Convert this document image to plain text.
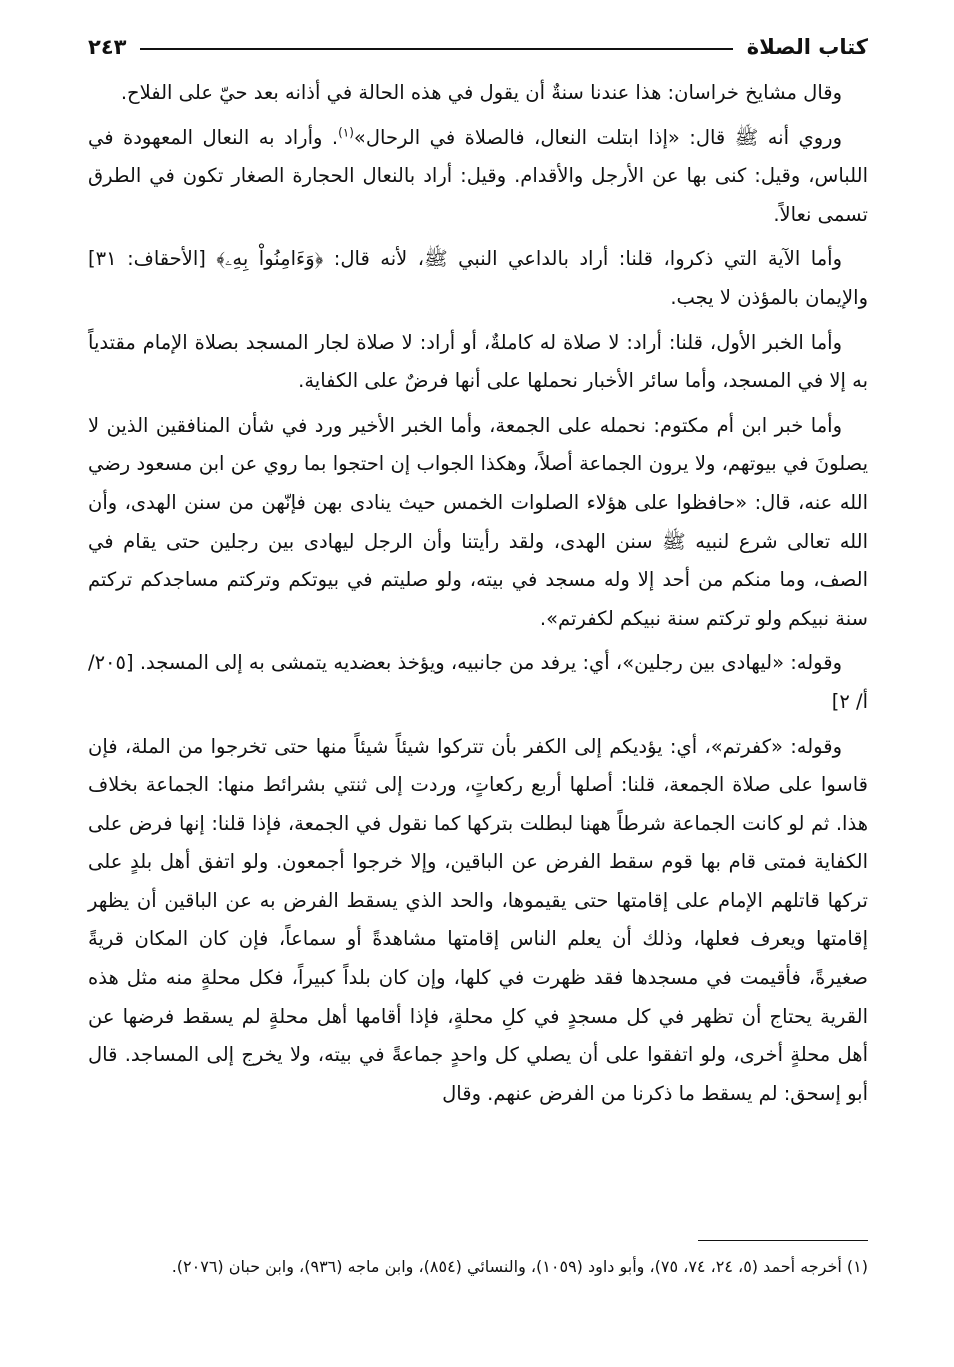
كتاب الصلاة
٢٤٣

وقال مشايخ خراسان: هذا عندنا سنةٌ أن يقول في هذه الحالة في أذانه بعد حيّ على الفلاح.

وروي أنه ﷺ قال: «إذا ابتلت النعال، فالصلاة في الرحال»$^{(١)}$. وأراد به النعال المعهودة في اللباس، وقيل: كنى بها عن الأرجل والأقدام. وقيل: أراد بالنعال الحجارة الصغار تكون في الطرق تسمى نعالاً.

وأما الآية التي ذكروا، قلنا: أراد بالداعي النبي ﷺ، لأنه قال: ﴿وَءَامِنُواْ بِهِۦ﴾ [الأحقاف: ٣١] والإيمان بالمؤذن لا يجب.

وأما الخبر الأول، قلنا: أراد: لا صلاة له كاملةٌ، أو أراد: لا صلاة لجار المسجد بصلاة الإمام مقتدياً به إلا في المسجد، وأما سائر الأخبار نحملها على أنها فرضٌ على الكفاية.

وأما خبر ابن أم مكتوم: نحمله على الجمعة، وأما الخبر الأخير ورد في شأن المنافقين الذين لا يصلونَ في بيوتهم، ولا يرون الجماعة أصلاً، وهكذا الجواب إن احتجوا بما روي عن ابن مسعود رضي الله عنه، قال: «حافظوا على هؤلاء الصلوات الخمس حيث ينادى بهن فإنّهن من سنن الهدى، وأن الله تعالى شرع لنبيه ﷺ سنن الهدى، ولقد رأيتنا وأن الرجل ليهادى بين رجلين حتى يقام في الصف، وما منكم من أحد إلا وله مسجد في بيته، ولو صليتم في بيوتكم وتركتم مساجدكم تركتم سنة نبيكم ولو تركتم سنة نبيكم لكفرتم».

وقوله: «ليهادى بين رجلين»، أي: يرفد من جانبيه، ويؤخذ بعضديه يتمشى به إلى المسجد. [٢٠٥/أ/ ٢]

وقوله: «كفرتم»، أي: يؤديكم إلى الكفر بأن تتركوا شيئاً شيئاً منها حتى تخرجوا من الملة، فإن قاسوا على صلاة الجمعة، قلنا: أصلها أربع ركعاتٍ، وردت إلى ثنتي بشرائط منها: الجماعة بخلاف هذا. ثم لو كانت الجماعة شرطاً ههنا لبطلت بتركها كما نقول في الجمعة، فإذا قلنا: إنها فرض على الكفاية فمتى قام بها قوم سقط الفرض عن الباقين، وإلا خرجوا أجمعون. ولو اتفق أهل بلدٍ على تركها قاتلهم الإمام على إقامتها حتى يقيموها، والحد الذي يسقط الفرض به عن الباقين أن يظهر إقامتها ويعرف فعلها، وذلك أن يعلم الناس إقامتها مشاهدةً أو سماعاً، فإن كان المكان قريةً صغيرةً، فأقيمت في مسجدها فقد ظهرت في كلها، وإن كان بلداً كبيراً، فكل محلةٍ منه مثل هذه القرية يحتاج أن تظهر في كل مسجدٍ في كلِ محلةٍ، فإذا أقامها أهل محلةٍ لم يسقط فرضها عن أهل محلةٍ أخرى، ولو اتفقوا على أن يصلي كل واحدٍ جماعةً في بيته، ولا يخرج إلى المساجد. قال أبو إسحق: لم يسقط ما ذكرنا من الفرض عنهم. وقال

(١) أخرجه أحمد (٥، ٢٤، ٧٤، ٧٥)، وأبو داود (١٠٥٩)، والنسائي (٨٥٤)، وابن ماجه (٩٣٦)، وابن حبان (٢٠٧٦).
